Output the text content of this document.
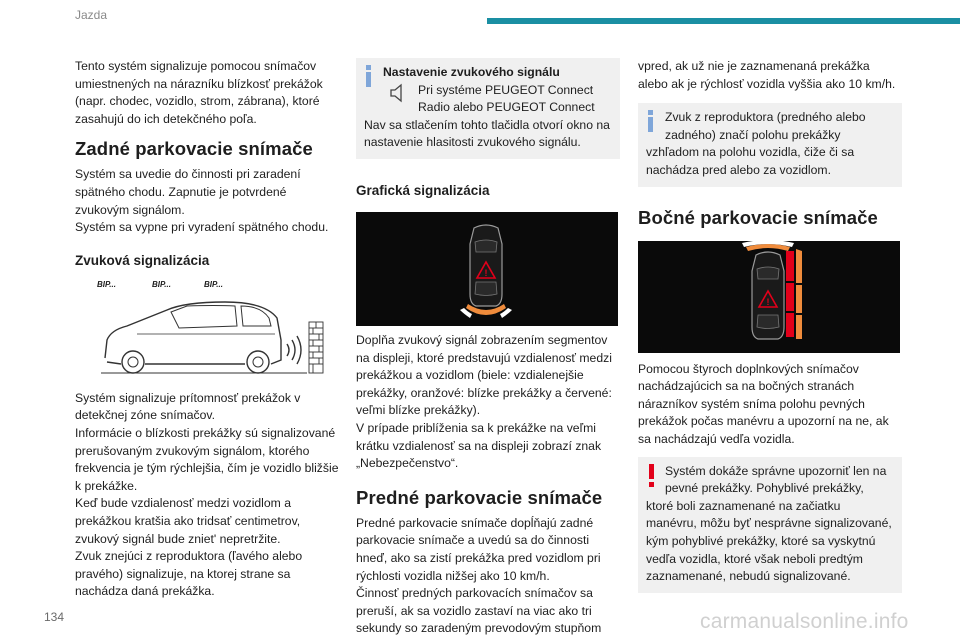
Jazda

Tento systém signalizuje pomocou snímačov umiestnených na nárazníku blízkosť prekážok (napr. chodec, vozidlo, strom, zábrana), ktoré zasahujú do ich detekčného poľa.

Zadné parkovacie snímače

Systém sa uvedie do činnosti pri zaradení spätného chodu. Zapnutie je potvrdené zvukovým signálom.

Systém sa vypne pri vyradení spätného chodu.

Zvuková signalizácia
BIP...	BIP...	BIP...

Systém signalizuje prítomnosť prekážok v detekčnej zóne snímačov.

Informácie o blízkosti prekážky sú signalizované prerušovaným zvukovým signálom, ktorého frekvencia je tým rýchlejšia, čím je vozidlo bližšie k prekážke.

Keď bude vzdialenosť medzi vozidlom a prekážkou kratšia ako tridsať centimetrov, zvukový signál bude zniet' nepretržite.

Zvuk znejúci z reproduktora (ľavého alebo pravého) signalizuje, na ktorej strane sa nachádza daná prekážka.

Nastavenie zvukového signálu
Pri systéme PEUGEOT Connect
Radio alebo PEUGEOT Connect
Nav sa stlačením tohto tlačidla otvorí okno na nastavenie hlasitosti zvukového signálu.
Grafická signalizácia
!

Doplňa zvukový signál zobrazením segmentov na displeji, ktoré predstavujú vzdialenosť medzi prekážkou a vozidlom (biele: vzdialenejšie prekážky, oranžové: blízke prekážky a červené: veľmi blízke prekážky).

V prípade priblíženia sa k prekážke na veľmi krátku vzdialenosť sa na displeji zobrazí znak „Nebezpečenstvo“.

Predné parkovacie snímače

Predné parkovacie snímače dopĺňajú zadné parkovacie snímače a uvedú sa do činnosti hneď, ako sa zistí prekážka pred vozidlom pri rýchlosti vozidla nižšej ako 10 km/h.

Činnosť predných parkovacích snímačov sa preruší, ak sa vozidlo zastaví na viac ako tri sekundy so zaradeným prevodovým stupňom

vpred, ak už nie je zaznamenaná prekážka alebo ak je rýchlosť vozidla vyššia ako 10 km/h.

Zvuk z reproduktora (predného alebo
zadného) značí polohu prekážky
vzhľadom na polohu vozidla, čiže či sa nachádza pred alebo za vozidlom.
Bočné parkovacie snímače
!

Pomocou štyroch doplnkových snímačov nachádzajúcich sa na bočných stranách nárazníkov systém sníma polohu pevných prekážok počas manévru a upozorní na ne, ak sa nachádzajú vedľa vozidla.

Systém dokáže správne upozorniť len na
pevné prekážky. Pohyblivé prekážky,
ktoré boli zaznamenané na začiatku manévru, môžu byť nesprávne signalizované, kým pohyblivé prekážky, ktoré sa vyskytnú vedľa vozidla, ktoré však neboli predtým zaznamenané, nebudú signalizované.
134	carmanualsonline.info
